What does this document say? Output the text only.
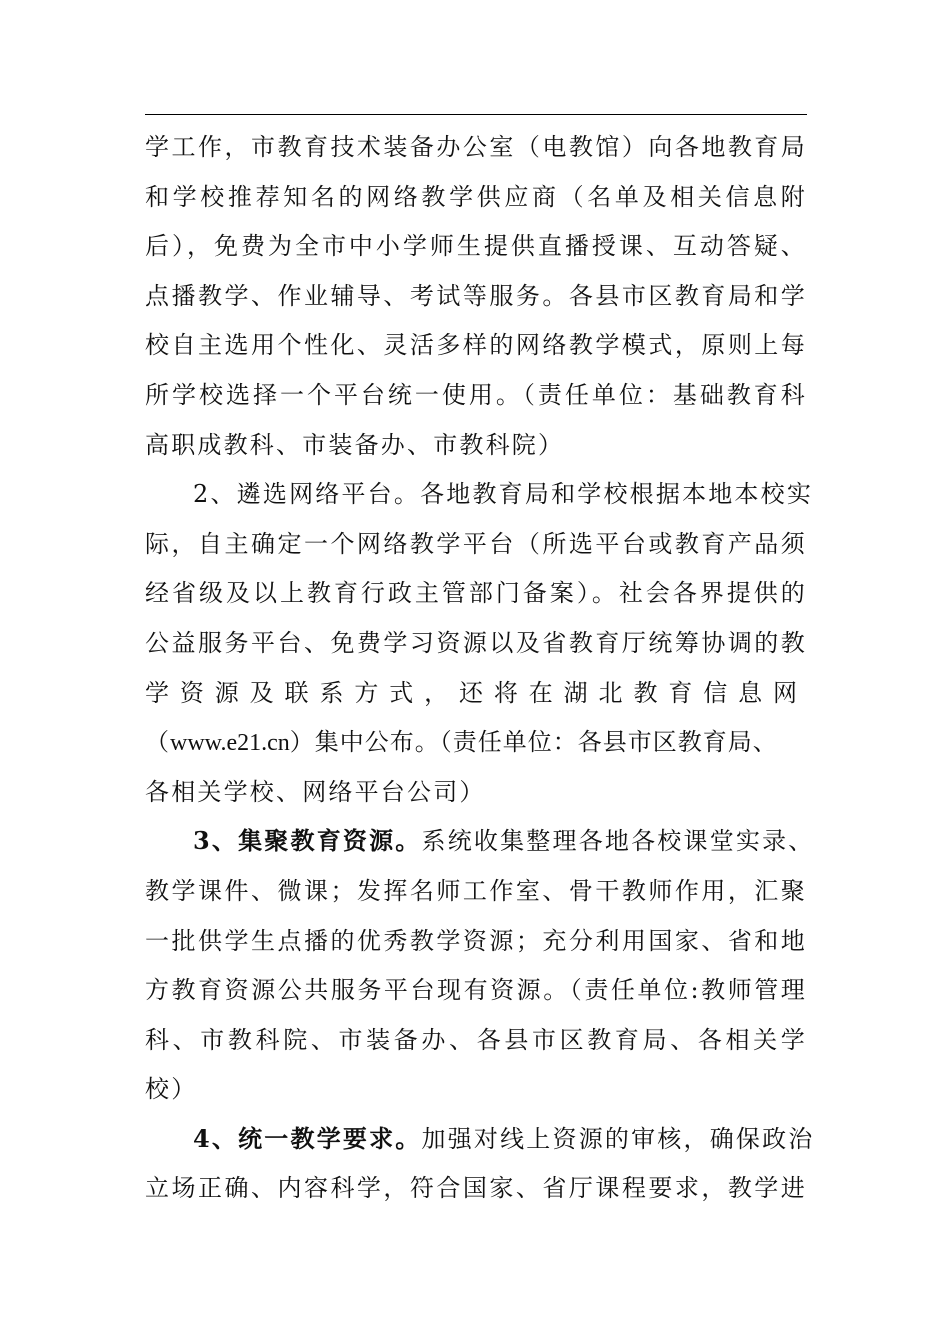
学工作，市教育技术装备办公室（电教馆）向各地教育局
和学校推荐知名的网络教学供应商（名单及相关信息附
后），免费为全市中小学师生提供直播授课、互动答疑、
点播教学、作业辅导、考试等服务。各县市区教育局和学
校自主选用个性化、灵活多样的网络教学模式，原则上每
所学校选择一个平台统一使用。（责任单位：基础教育科
高职成教科、市装备办、市教科院）
2、遴选网络平台。各地教育局和学校根据本地本校实
际，自主确定一个网络教学平台（所选平台或教育产品须
经省级及以上教育行政主管部门备案）。社会各界提供的
公益服务平台、免费学习资源以及省教育厅统筹协调的教
学资源及联系方式，还将在湖北教育信息网
（www.e21.cn）集中公布。（责任单位：各县市区教育局、
各相关学校、网络平台公司）
3、集聚教育资源。系统收集整理各地各校课堂实录、
教学课件、微课；发挥名师工作室、骨干教师作用，汇聚
一批供学生点播的优秀教学资源；充分利用国家、省和地
方教育资源公共服务平台现有资源。（责任单位:教师管理
科、市教科院、市装备办、各县市区教育局、各相关学
校）
4、统一教学要求。加强对线上资源的审核，确保政治
立场正确、内容科学，符合国家、省厅课程要求，教学进
